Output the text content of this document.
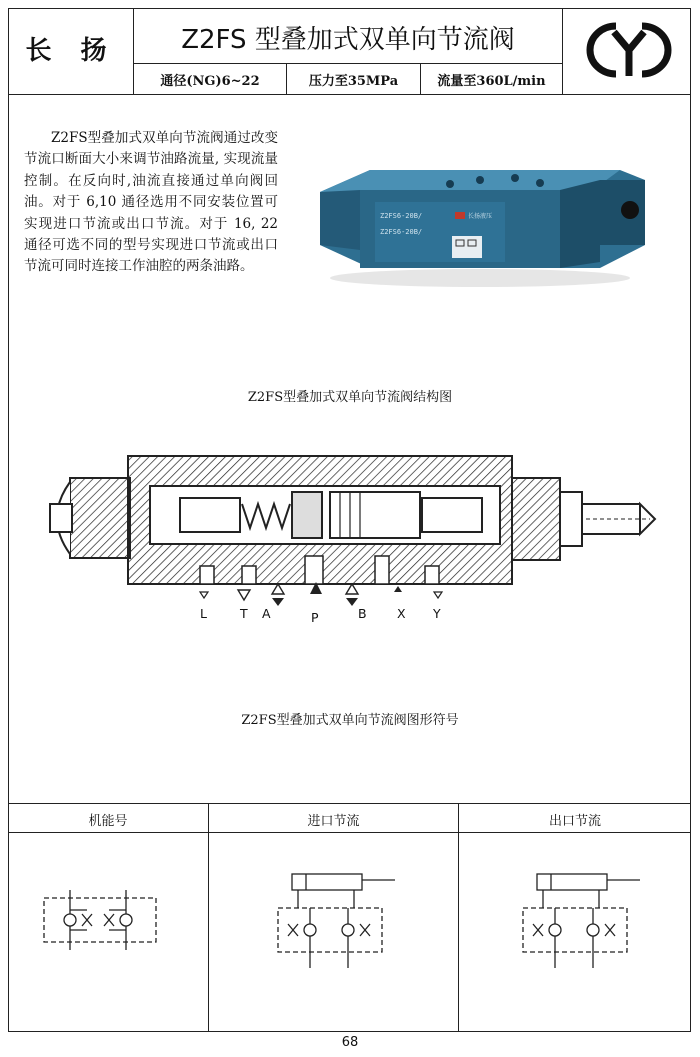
长 扬	Z2FS 型叠加式双单向节流阀
通径(NG)6~22	压力至35MPa	流量至360L/min
Z2FS型叠加式双单向节流阀通过改变节流口断面大小来调节油路流量, 实现流量控制。在反向时,油流直接通过单向阀回油。对于 6,10 通径选用不同安装位置可实现进口节流或出口节流。对于 16, 22 通径可选不同的型号实现进口节流或出口节流可同时连接工作油腔的两条油路。
Z2FS6-20B/
Z2FS6-20B/
长扬液压
Z2FS型叠加式双单向节流阀结构图
L	T A	P	B X Y
Z2FS型叠加式双单向节流阀图形符号
机能号	进口节流	出口节流
68
